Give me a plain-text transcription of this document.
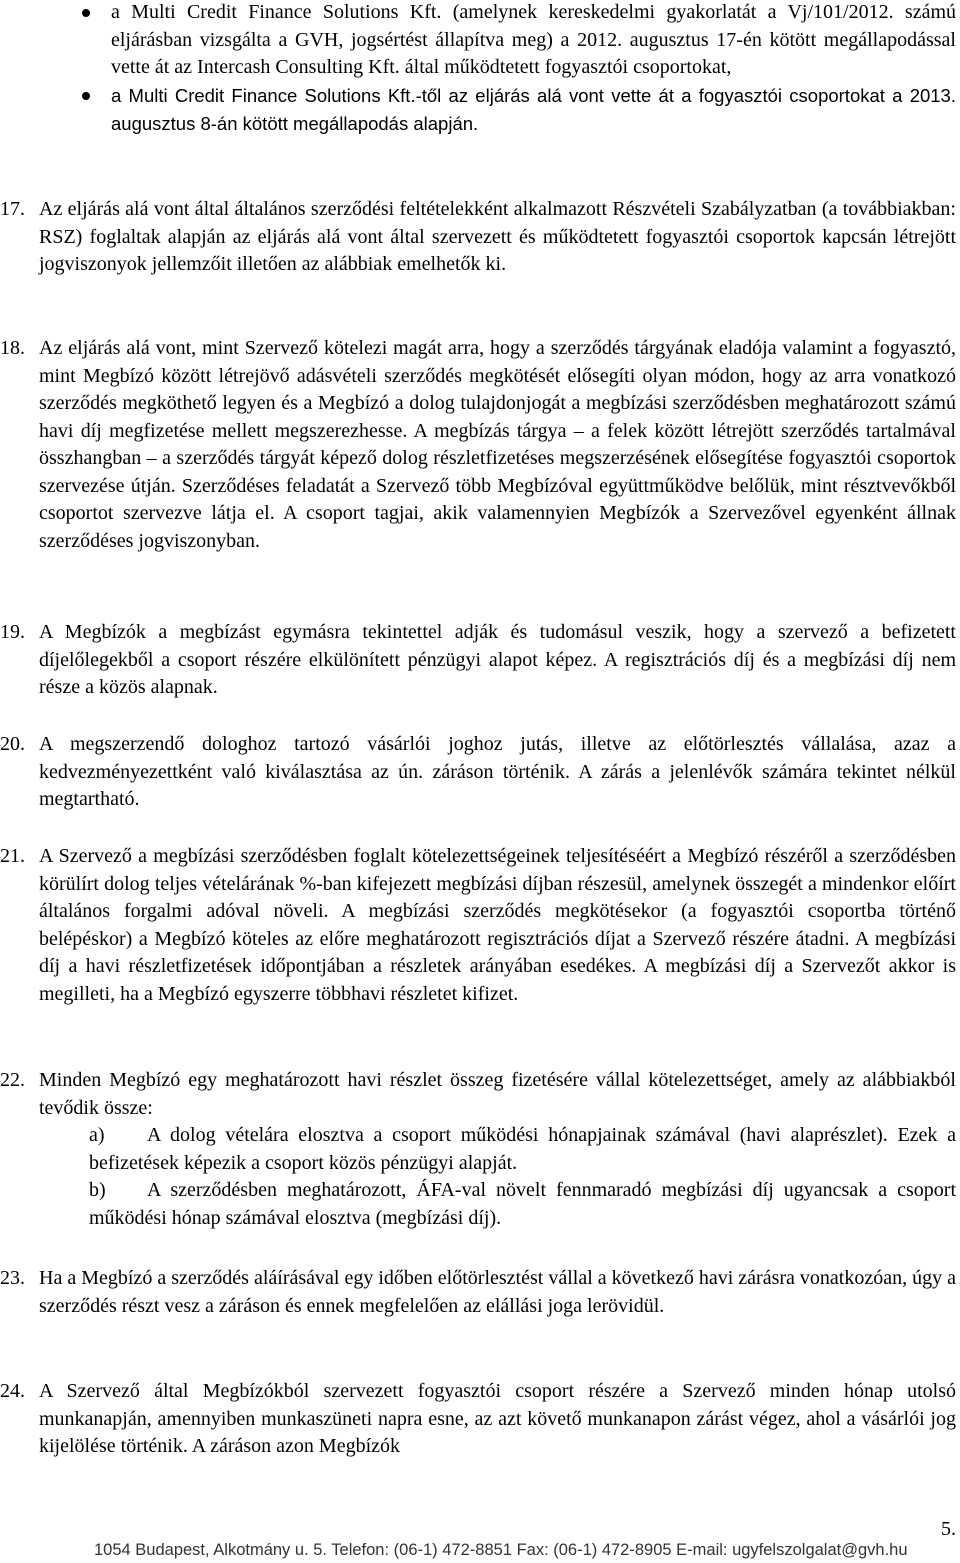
a Multi Credit Finance Solutions Kft. (amelynek kereskedelmi gyakorlatát a Vj/101/2012. számú eljárásban vizsgálta a GVH, jogsértést állapítva meg) a 2012. augusztus 17-én kötött megállapodással vette át az Intercash Consulting Kft. által működtetett fogyasztói csoportokat,
a Multi Credit Finance Solutions Kft.-től az eljárás alá vont vette át a fogyasztói csoportokat a 2013. augusztus 8-án kötött megállapodás alapján.
17. Az eljárás alá vont által általános szerződési feltételekként alkalmazott Részvételi Szabályzatban (a továbbiakban: RSZ) foglaltak alapján az eljárás alá vont által szervezett és működtetett fogyasztói csoportok kapcsán létrejött jogviszonyok jellemzőit illetően az alábbiak emelhetők ki.
18. Az eljárás alá vont, mint Szervező kötelezi magát arra, hogy a szerződés tárgyának eladója valamint a fogyasztó, mint Megbízó között létrejövő adásvételi szerződés megkötését elősegíti olyan módon, hogy az arra vonatkozó szerződés megköthető legyen és a Megbízó a dolog tulajdonjogát a megbízási szerződésben meghatározott számú havi díj megfizetése mellett megszerezhesse. A megbízás tárgya – a felek között létrejött szerződés tartalmával összhangban – a szerződés tárgyát képező dolog részletfizetéses megszerzésének elősegítése fogyasztói csoportok szervezése útján. Szerződéses feladatát a Szervező több Megbízóval együttműködve belőlük, mint résztvevőkből csoportot szervezve látja el. A csoport tagjai, akik valamennyien Megbízók a Szervezővel egyenként állnak szerződéses jogviszonyban.
19. A Megbízók a megbízást egymásra tekintettel adják és tudomásul veszik, hogy a szervező a befizetett díjelőlegekből a csoport részére elkülönített pénzügyi alapot képez. A regisztrációs díj és a megbízási díj nem része a közös alapnak.
20. A megszerzendő dologhoz tartozó vásárlói joghoz jutás, illetve az előtörlesztés vállalása, azaz a kedvezményezettként való kiválasztása az ún. záráson történik. A zárás a jelenlévők számára tekintet nélkül megtartható.
21. A Szervező a megbízási szerződésben foglalt kötelezettségeinek teljesítéséért a Megbízó részéről a szerződésben körülírt dolog teljes vételárának %-ban kifejezett megbízási díjban részesül, amelynek összegét a mindenkor előírt általános forgalmi adóval növeli. A megbízási szerződés megkötésekor (a fogyasztói csoportba történő belépéskor) a Megbízó köteles az előre meghatározott regisztrációs díjat a Szervező részére átadni. A megbízási díj a havi részletfizetések időpontjában a részletek arányában esedékes. A megbízási díj a Szervezőt akkor is megilleti, ha a Megbízó egyszerre többhavi részletet kifizet.
22. Minden Megbízó egy meghatározott havi részlet összeg fizetésére vállal kötelezettséget, amely az alábbiakból tevődik össze:
a)	A dolog vételára elosztva a csoport működési hónapjainak számával (havi alaprészlet). Ezek a befizetések képezik a csoport közös pénzügyi alapját.
b)	A szerződésben meghatározott, ÁFA-val növelt fennmaradó megbízási díj ugyancsak a csoport működési hónap számával elosztva (megbízási díj).
23. Ha a Megbízó a szerződés aláírásával egy időben előtörlesztést vállal a következő havi zárásra vonatkozóan, úgy a szerződés részt vesz a záráson és ennek megfelelően az elállási joga lerövidül.
24. A Szervező által Megbízókból szervezett fogyasztói csoport részére a Szervező minden hónap utolsó munkanapján, amennyiben munkaszüneti napra esne, az azt követő munkanapon zárást végez, ahol a vásárlói jog kijelölése történik. A záráson azon Megbízók
5.
1054 Budapest, Alkotmány u. 5. Telefon: (06-1) 472-8851 Fax: (06-1) 472-8905 E-mail: ugyfelszolgalat@gvh.hu
